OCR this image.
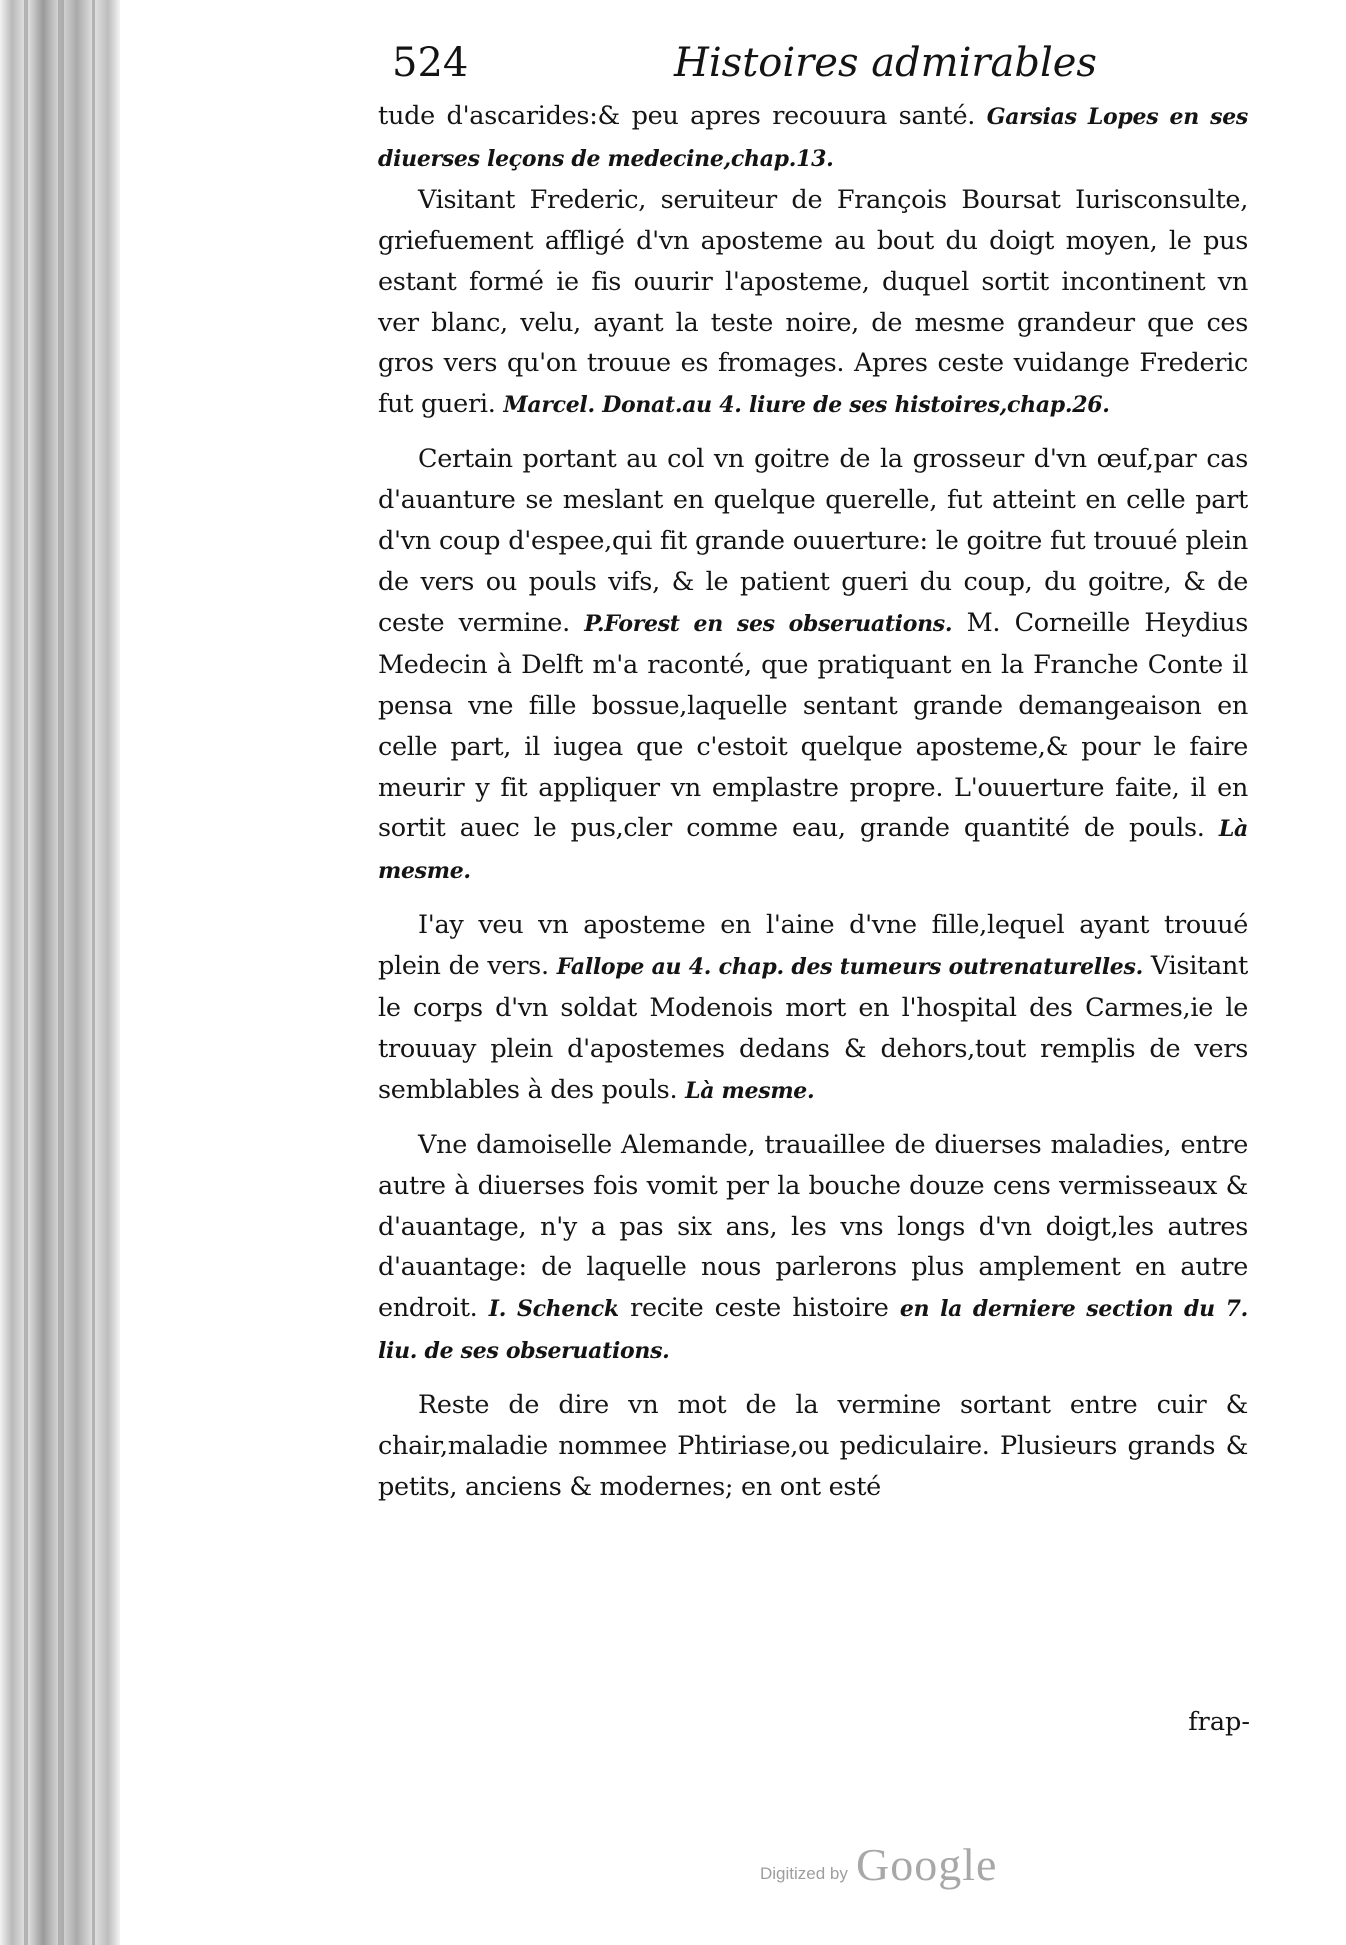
524	Histoires admirables

tude d'ascarides:& peu apres recouura santé. Garsias Lopes en ses diuerses leçons de medecine,chap.13.

Visitant Frederic, seruiteur de François Boursat Iurisconsulte, griefuement affligé d'vn aposteme au bout du doigt moyen, le pus estant formé ie fis ouurir l'aposteme, duquel sortit incontinent vn ver blanc, velu, ayant la teste noire, de mesme grandeur que ces gros vers qu'on trouue es fromages. Apres ceste vuidange Frederic fut gueri. Marcel. Donat.au 4. liure de ses histoires,chap.26.

Certain portant au col vn goitre de la grosseur d'vn œuf,par cas d'auanture se meslant en quelque querelle, fut atteint en celle part d'vn coup d'espee,qui fit grande ouuerture: le goitre fut trouué plein de vers ou pouls vifs, & le patient gueri du coup, du goitre, & de ceste vermine. P.Forest en ses obseruations. M. Corneille Heydius Medecin à Delft m'a raconté, que pratiquant en la Franche Conte il pensa vne fille bossue,laquelle sentant grande demangeaison en celle part, il iugea que c'estoit quelque aposteme,& pour le faire meurir y fit appliquer vn emplastre propre. L'ouuerture faite, il en sortit auec le pus,cler comme eau, grande quantité de pouls. Là mesme.

I'ay veu vn aposteme en l'aine d'vne fille,lequel ayant trouué plein de vers. Fallope au 4. chap. des tumeurs outrenaturelles. Visitant le corps d'vn soldat Modenois mort en l'hospital des Carmes,ie le trouuay plein d'apostemes dedans & dehors,tout remplis de vers semblables à des pouls. Là mesme.

Vne damoiselle Alemande, trauaillee de diuerses maladies, entre autre à diuerses fois vomit per la bouche douze cens vermisseaux & d'auantage, n'y a pas six ans, les vns longs d'vn doigt,les autres d'auantage: de laquelle nous parlerons plus amplement en autre endroit. I. Schenck recite ceste histoire en la derniere section du 7. liu. de ses obseruations.

Reste de dire vn mot de la vermine sortant entre cuir & chair,maladie nommee Phtiriase,ou pediculaire. Plusieurs grands & petits, anciens & modernes; en ont esté

frap-
Digitized by Google
